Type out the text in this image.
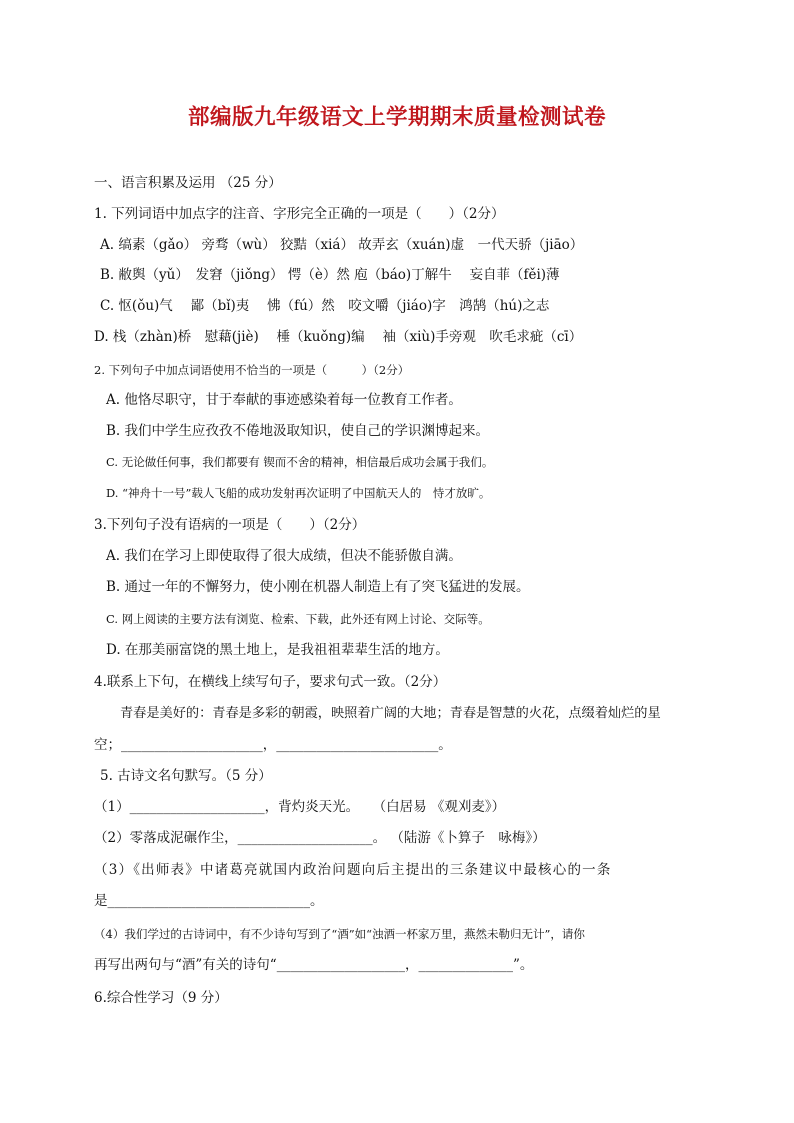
部编版九年级语文上学期期末质量检测试卷
一、语言积累及运用 （25 分）
1. 下列词语中加点字的注音、字形完全正确的一项是（　　）（2分）
A. 缟素（gǎo） 旁骛（wù） 狡黠（xiá） 故弄玄（xuán)虚　一代天骄（jiāo）
B. 敝舆（yǔ）　发窘（jiǒng） 愕（è）然 庖（báo)丁解牛　 妄自菲（fěi)薄
C. 怄(ǒu)气　 鄙（bǐ)夷　 怫（fú）然　咬文嚼（jiáo)字　鸿鹄（hú)之志
D. 栈（zhàn)桥　慰藉(jiè)　 棰（kuǒng)编　 袖（xiù)手旁观　吹毛求疵（cī）
2. 下列句子中加点词语使用不恰当的一项是（　　　）（2分）
A. 他恪尽职守，甘于奉献的事迹感染着每一位教育工作者。
B. 我们中学生应孜孜不倦地汲取知识，使自己的学识渊博起来。
C. 无论做任何事，我们都要有 锲而不舍的精神，相信最后成功会属于我们。
D. “神舟十一号”载人飞船的成功发射再次证明了中国航天人的　恃才放旷。
3.下列句子没有语病的一项是（　　）（2分）
A. 我们在学习上即使取得了很大成绩，但决不能骄傲自满。
B. 通过一年的不懈努力，使小刚在机器人制造上有了突飞猛进的发展。
C. 网上阅读的主要方法有浏览、检索、下载，此外还有网上讨论、交际等。
D. 在那美丽富饶的黑土地上，是我祖祖辈辈生活的地方。
4.联系上下句，在横线上续写句子，要求句式一致。（2分）
青春是美好的：青春是多彩的朝霞，映照着广阔的大地；青春是智慧的火花，点缀着灿烂的星
空；_____________________，________________________。
5. 古诗文名句默写。（5 分）
（1）____________________，背灼炎天光。　　（白居易 《观刈麦》）
（2）零落成泥碾作尘，____________________。 （陆游《卜算子　咏梅》）
（3）《出师表》中诸葛亮就国内政治问题向后主提出的三条建议中最核心的一条
是______________________________。
（4）我们学过的古诗词中，有不少诗句写到了“酒”如“浊酒一杯家万里，燕然未勒归无计”，请你
再写出两句与“酒”有关的诗句“___________________，______________”。
6.综合性学习（9 分）
